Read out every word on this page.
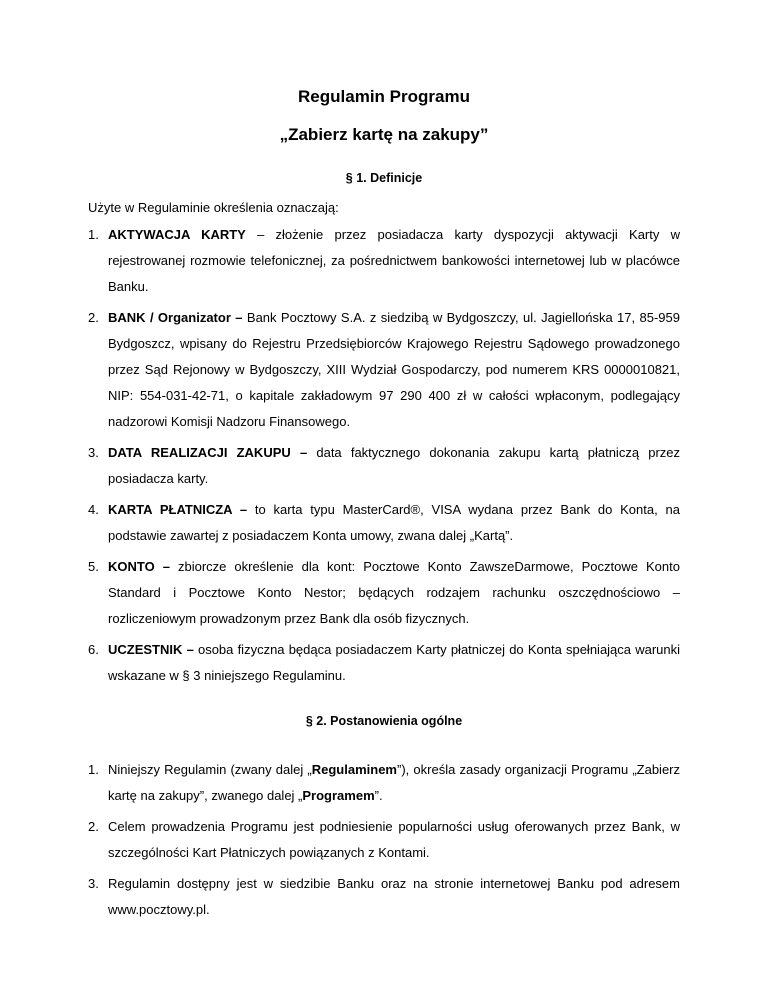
Regulamin Programu
„Zabierz kartę na zakupy”
§ 1. Definicje

Użyte w Regulaminie określenia oznaczają:

1. AKTYWACJA KARTY – złożenie przez posiadacza karty dyspozycji aktywacji Karty w rejestrowanej rozmowie telefonicznej, za pośrednictwem bankowości internetowej lub w placówce Banku.
2. BANK / Organizator – Bank Pocztowy S.A. z siedzibą w Bydgoszczy, ul. Jagiellońska 17, 85-959 Bydgoszcz, wpisany do Rejestru Przedsiębiorców Krajowego Rejestru Sądowego prowadzonego przez Sąd Rejonowy w Bydgoszczy, XIII Wydział Gospodarczy, pod numerem KRS 0000010821, NIP: 554-031-42-71, o kapitale zakładowym 97 290 400 zł w całości wpłaconym, podlegający nadzorowi Komisji Nadzoru Finansowego.
3. DATA REALIZACJI ZAKUPU – data faktycznego dokonania zakupu kartą płatniczą przez posiadacza karty.
4. KARTA PŁATNICZA – to karta typu MasterCard®, VISA wydana przez Bank do Konta, na podstawie zawartej z posiadaczem Konta umowy, zwana dalej „Kartą”.
5. KONTO – zbiorcze określenie dla kont: Pocztowe Konto ZawszeDarmowe, Pocztowe Konto Standard i Pocztowe Konto Nestor; będących rodzajem rachunku oszczędnościowo – rozliczeniowym prowadzonym przez Bank dla osób fizycznych.
6. UCZESTNIK – osoba fizyczna będąca posiadaczem Karty płatniczej do Konta spełniająca warunki wskazane w § 3 niniejszego Regulaminu.
§ 2. Postanowienia ogólne
1. Niniejszy Regulamin (zwany dalej „Regulaminem”), określa zasady organizacji Programu „Zabierz kartę na zakupy”, zwanego dalej „Programem”.
2. Celem prowadzenia Programu jest podniesienie popularności usług oferowanych przez Bank, w szczególności Kart Płatniczych powiązanych z Kontami.
3. Regulamin dostępny jest w siedzibie Banku oraz na stronie internetowej Banku pod adresem www.pocztowy.pl.
